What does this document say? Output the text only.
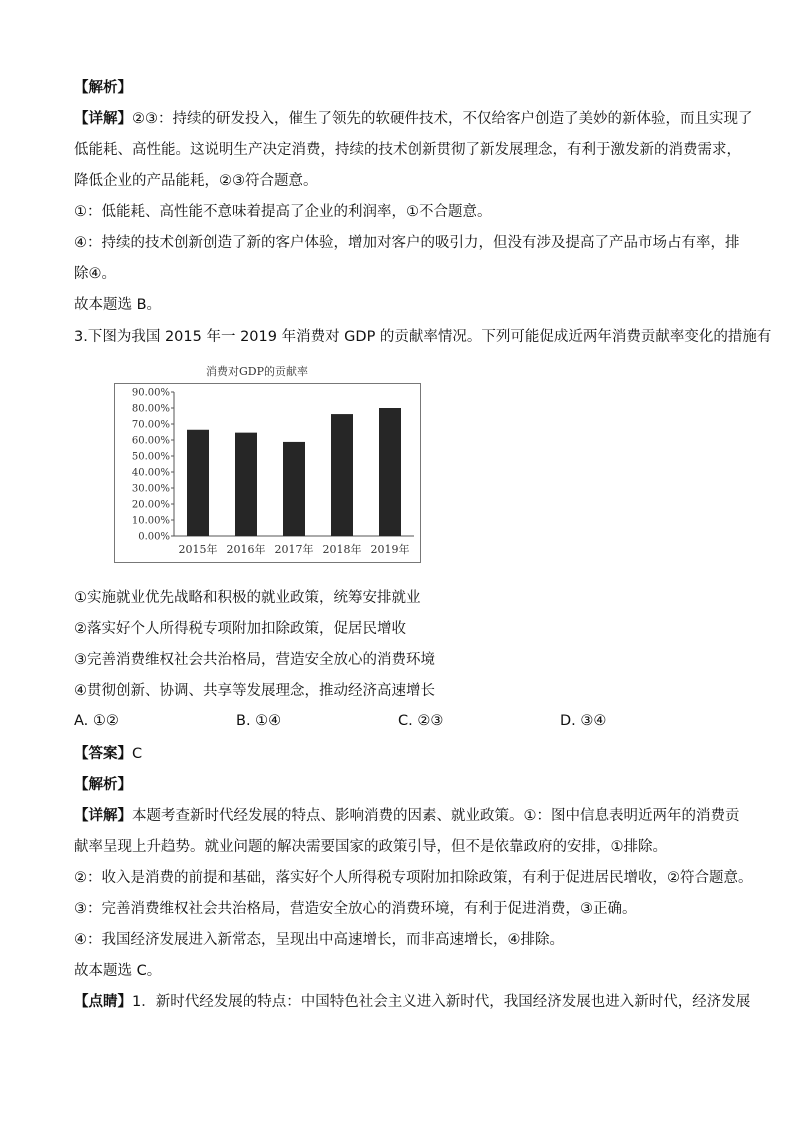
【解析】
【详解】②③：持续的研发投入，催生了领先的软硬件技术，不仅给客户创造了美妙的新体验，而且实现了
低能耗、高性能。这说明生产决定消费，持续的技术创新贯彻了新发展理念，有利于激发新的消费需求，
降低企业的产品能耗，②③符合题意。
①：低能耗、高性能不意味着提高了企业的利润率，①不合题意。
④：持续的技术创新创造了新的客户体验，增加对客户的吸引力，但没有涉及提高了产品市场占有率，排
除④。
故本题选 B。
3.下图为我国 2015 年一 2019 年消费对 GDP 的贡献率情况。下列可能促成近两年消费贡献率变化的措施有
消费对GDP的贡献率
0.00%
10.00%
20.00%
30.00%
40.00%
50.00%
60.00%
70.00%
80.00%
90.00%
2015年 2016年 2017年 2018年 2019年
①实施就业优先战略和积极的就业政策，统筹安排就业
②落实好个人所得税专项附加扣除政策，促居民增收
③完善消费维权社会共治格局，营造安全放心的消费环境
④贯彻创新、协调、共享等发展理念，推动经济高速增长
A. ①②	B. ①④	C. ②③	D. ③④
【答案】C
【解析】
【详解】本题考查新时代经发展的特点、影响消费的因素、就业政策。①：图中信息表明近两年的消费贡
献率呈现上升趋势。就业问题的解决需要国家的政策引导，但不是依靠政府的安排，①排除。
②：收入是消费的前提和基础，落实好个人所得税专项附加扣除政策，有利于促进居民增收，②符合题意。
③：完善消费维权社会共治格局，营造安全放心的消费环境，有利于促进消费，③正确。
④：我国经济发展进入新常态，呈现出中高速增长，而非高速增长，④排除。
故本题选 C。
【点睛】1．新时代经发展的特点：中国特色社会主义进入新时代，我国经济发展也进入新时代，经济发展
